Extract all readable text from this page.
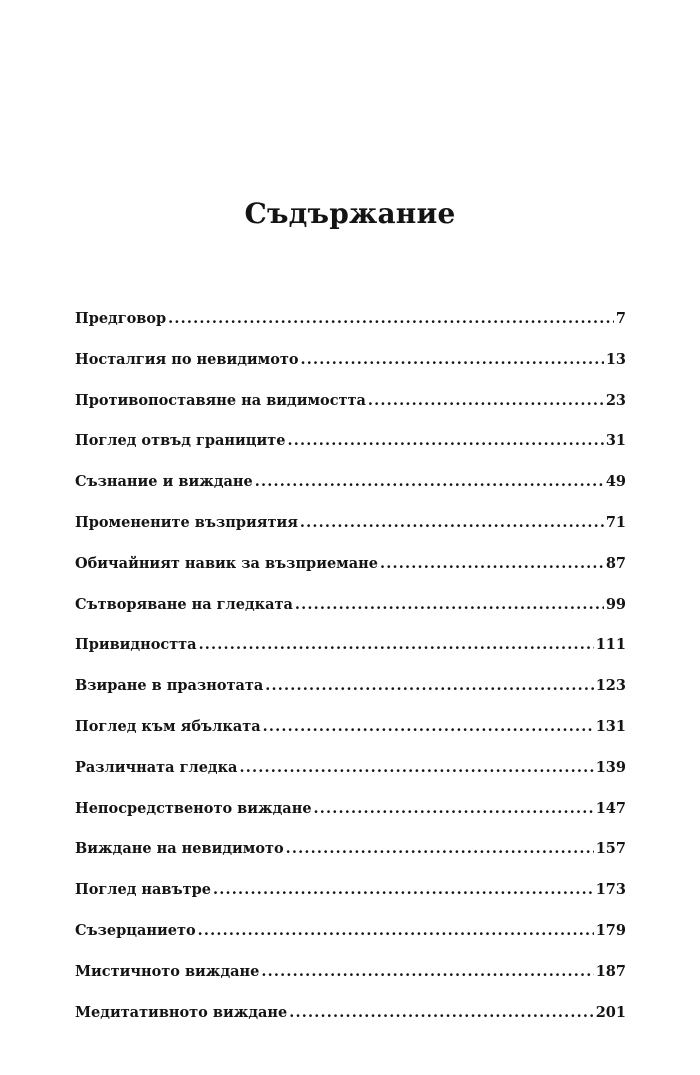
Съдържание
Предговор .....	7
Носталгия по невидимото .....	13
Противопоставяне на видимостта .....	23
Поглед отвъд границите .....	31
Съзнание и виждане .....	49
Променените възприятия .....	71
Обичайният навик за възприемане .....	87
Сътворяване на гледката .....	99
Привидността .....	111
Взиране в празнотата .....	123
Поглед към ябълката .....	131
Различната гледка .....	139
Непосредственото виждане .....	147
Виждане на невидимото .....	157
Поглед навътре .....	173
Съзерцанието .....	179
Мистичното виждане .....	187
Медитативното виждане .....	201
